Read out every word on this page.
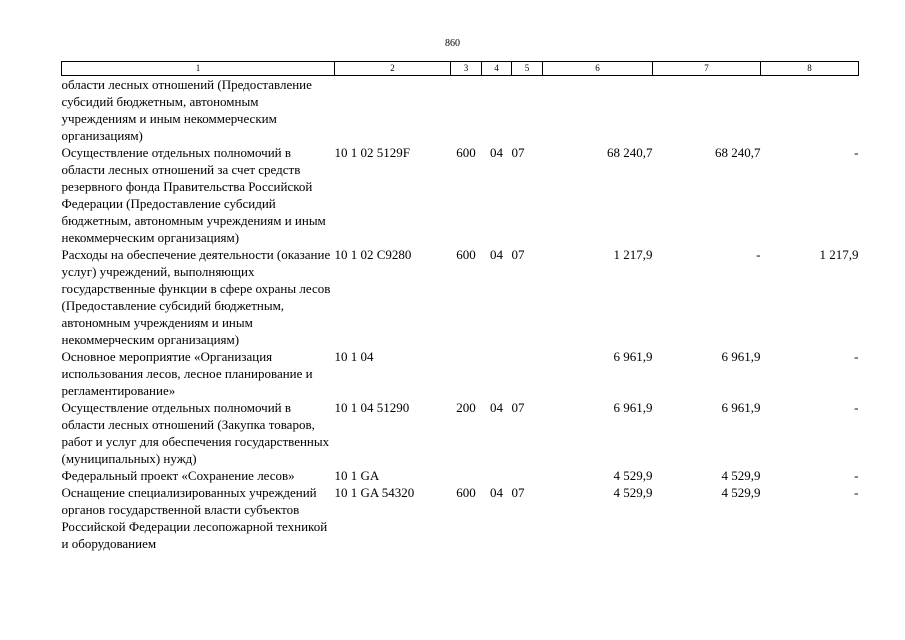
860
1	2	3	4	5	6	7	8
области лесных отношений (Предоставление субсидий бюджетным, автономным учреждениям и иным некоммерческим организациям)							
Осуществление отдельных полномочий в области лесных отношений за счет средств резервного фонда Правительства Российской Федерации (Предоставление субсидий бюджетным, автономным учреждениям и иным некоммерческим организациям)	10 1 02 5129F	600	04	07	68 240,7	68 240,7	-
Расходы на обеспечение деятельности (оказание услуг) учреждений, выполняющих государственные функции в сфере охраны лесов (Предоставление субсидий бюджетным, автономным учреждениям и иным некоммерческим организациям)	10 1 02 C9280	600	04	07	1 217,9	-	1 217,9
Основное мероприятие «Организация использования лесов, лесное планирование и регламентирование»	10 1 04				6 961,9	6 961,9	-
Осуществление отдельных полномочий в области лесных отношений (Закупка товаров, работ и услуг для обеспечения государственных (муниципальных) нужд)	10 1 04 51290	200	04	07	6 961,9	6 961,9	-
Федеральный проект «Сохранение лесов»	10 1 GA				4 529,9	4 529,9	-
Оснащение специализированных учреждений органов государственной власти субъектов Российской Федерации лесопожарной техникой и оборудованием	10 1 GA 54320	600	04	07	4 529,9	4 529,9	-
